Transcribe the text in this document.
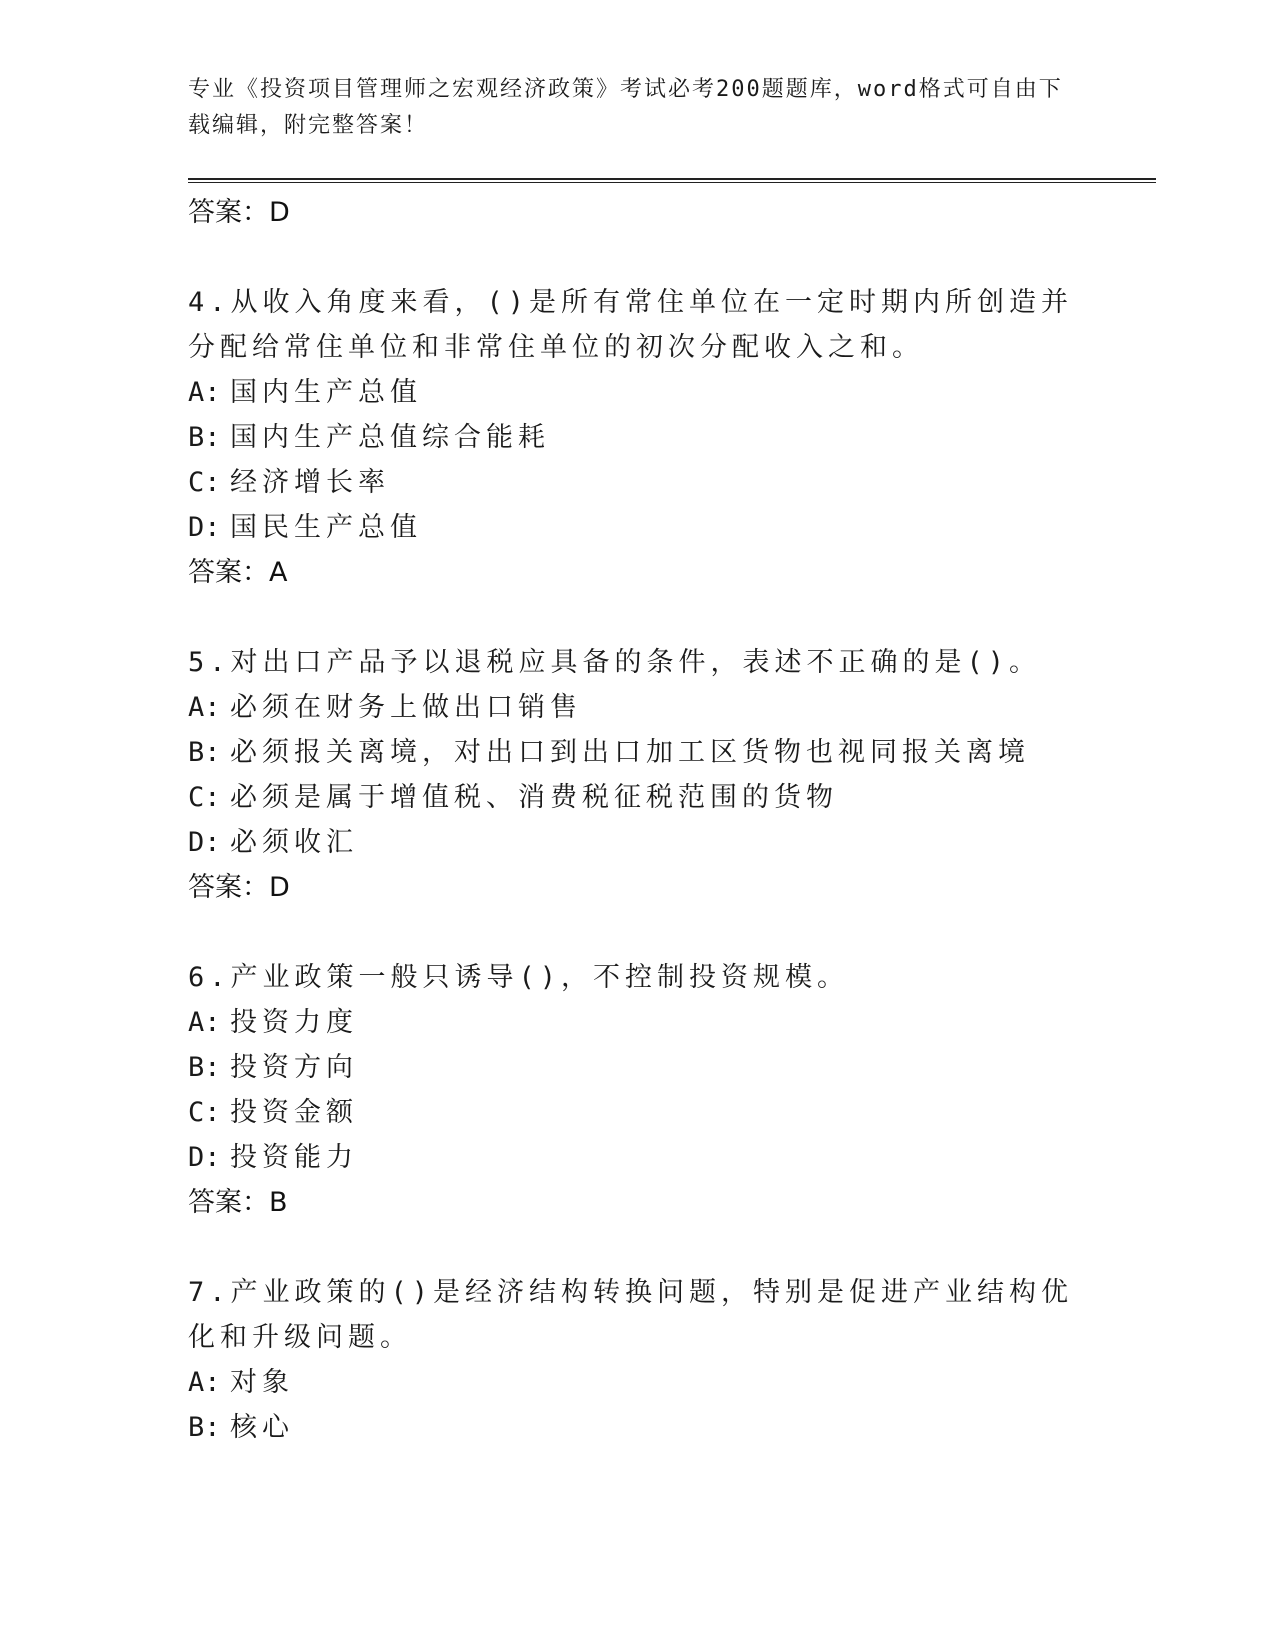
专业《投资项目管理师之宏观经济政策》考试必考200题题库，word格式可自由下载编辑，附完整答案！
答案：D

4.从收入角度来看，()是所有常住单位在一定时期内所创造并分配给常住单位和非常住单位的初次分配收入之和。

A: 国内生产总值
B: 国内生产总值综合能耗
C: 经济增长率
D: 国民生产总值
答案：A

5.对出口产品予以退税应具备的条件，表述不正确的是()。

A: 必须在财务上做出口销售
B: 必须报关离境，对出口到出口加工区货物也视同报关离境
C: 必须是属于增值税、消费税征税范围的货物
D: 必须收汇
答案：D

6.产业政策一般只诱导()，不控制投资规模。

A: 投资力度
B: 投资方向
C: 投资金额
D: 投资能力
答案：B

7.产业政策的()是经济结构转换问题，特别是促进产业结构优化和升级问题。

A: 对象
B: 核心
